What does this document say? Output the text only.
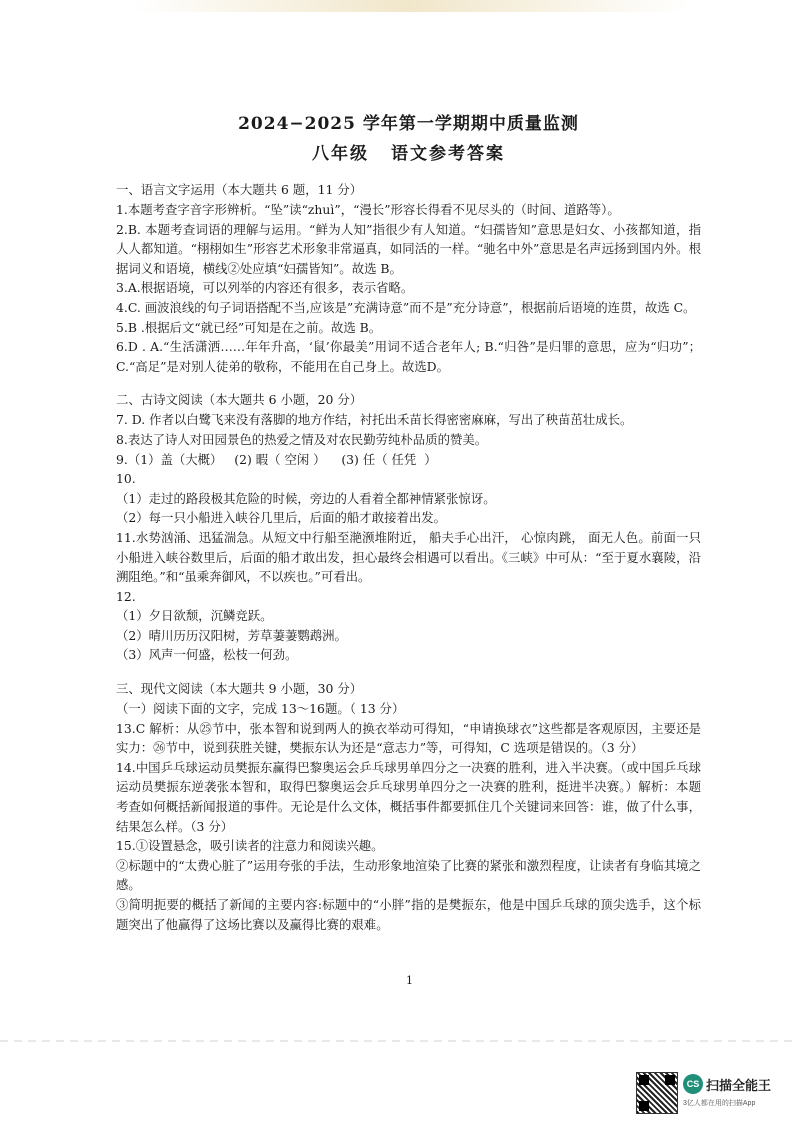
2024−2025 学年第一学期期中质量监测
八年级 语文参考答案

一、语言文字运用（本大题共 6 题，11 分）

1.本题考查字音字形辨析。“坠”读“zhuì”，“漫长”形容长得看不见尽头的（时间、道路等）。

2.B. 本题考查词语的理解与运用。“鲜为人知”指很少有人知道。“妇孺皆知”意思是妇女、小孩都知道，指人人都知道。“栩栩如生”形容艺术形象非常逼真，如同活的一样。“驰名中外”意思是名声远扬到国内外。根据词义和语境，横线②处应填“妇孺皆知”。故选 B。

3.A.根据语境，可以列举的内容还有很多，表示省略。

4.C. 画波浪线的句子词语搭配不当,应该是”充满诗意”而不是”充分诗意”，根据前后语境的连贯，故选 C。

5.B .根据后文“就已经”可知是在之前。故选 B。

6.D . A.“生活潇洒……年年升高，‘鼠’你最美”用词不适合老年人; B.“归咎”是归罪的意思，应为“归功”；C.“高足”是对别人徒弟的敬称，不能用在自己身上。故选D。

二、古诗文阅读（本大题共 6 小题，20 分）

7. D. 作者以白鹭飞来没有落脚的地方作结，衬托出禾苗长得密密麻麻，写出了秧苗茁壮成长。

8.表达了诗人对田园景色的热爱之情及对农民勤劳纯朴品质的赞美。

9.（1）盖（大概）   (2) 暇（ 空闲 ）    (3) 任（ 任凭  ）

10.

（1）走过的路段极其危险的时候，旁边的人看着全都神情紧张惊讶。

（2）每一只小船进入峡谷几里后，后面的船才敢接着出发。

11.水势汹涌、迅猛湍急。从短文中行船至滟滪堆附近， 船夫手心出汗， 心惊肉跳， 面无人色。前面一只小船进入峡谷数里后，后面的船才敢出发，担心最终会相遇可以看出。《三峡》中可从：“至于夏水襄陵，沿溯阻绝。”和“虽乘奔御风，不以疾也。”可看出。

12.

（1）夕日欲颓，沉鳞竞跃。

（2）晴川历历汉阳树，芳草萋萋鹦鹉洲。

（3）风声一何盛，松枝一何劲。

三、现代文阅读（本大题共 9 小题，30 分）

（一）阅读下面的文字，完成 13～16题。（ 13 分）

13.C 解析：从㉕节中，张本智和说到两人的换衣举动可得知，“申请换球衣”这些都是客观原因，主要还是实力：㉖节中，说到获胜关键，樊振东认为还是“意志力”等，可得知，C 选项是错误的。（3 分）

14.中国乒乓球运动员樊振东赢得巴黎奥运会乒乓球男单四分之一决赛的胜利，进入半决赛。（或中国乒乓球运动员樊振东逆袭张本智和，取得巴黎奥运会乒乓球男单四分之一决赛的胜利，挺进半决赛。）解析：本题考查如何概括新闻报道的事件。无论是什么文体，概括事件都要抓住几个关键词来回答：谁，做了什么事，结果怎么样。（3 分）

15.①设置悬念，吸引读者的注意力和阅读兴趣。

②标题中的“太费心脏了”运用夸张的手法，生动形象地渲染了比赛的紧张和激烈程度，让读者有身临其境之感。

③简明扼要的概括了新闻的主要内容:标题中的“小胖”指的是樊振东，他是中国乒乓球的顶尖选手，这个标题突出了他赢得了这场比赛以及赢得比赛的艰难。

1
CS 扫描全能王
3亿人都在用的扫描App
